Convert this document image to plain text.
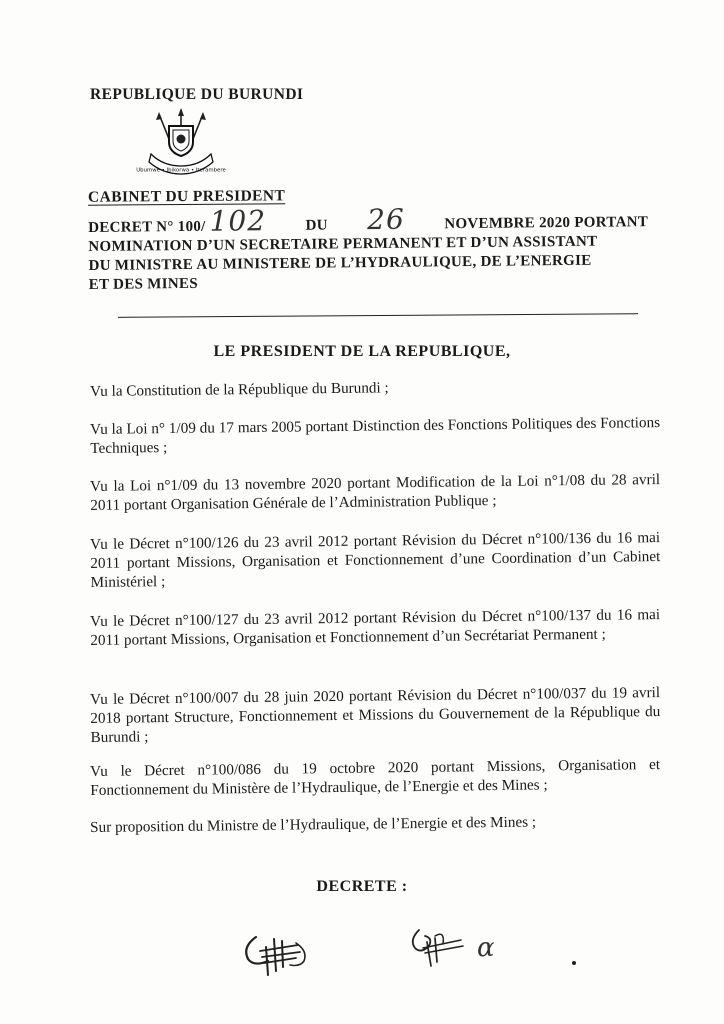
REPUBLIQUE DU BURUNDI
Ubumwe • Ibikorwa • Iterambere
CABINET DU PRESIDENT
DECRET N° 100/ 102	DU 26	NOVEMBRE 2020 PORTANT
NOMINATION D’UN SECRETAIRE PERMANENT ET D’UN ASSISTANT
DU MINISTRE AU MINISTERE DE L’HYDRAULIQUE, DE L’ENERGIE
ET DES MINES
LE PRESIDENT DE LA REPUBLIQUE,
Vu la Constitution de la République du Burundi ;
Vu la Loi n° 1/09 du 17 mars 2005 portant Distinction des Fonctions Politiques des Fonctions Techniques ;
Vu la Loi n°1/09 du 13 novembre 2020 portant Modification de la Loi n°1/08 du 28 avril 2011 portant Organisation Générale de l’Administration Publique ;
Vu le Décret n°100/126 du 23 avril 2012 portant Révision du Décret n°100/136 du 16 mai 2011 portant Missions, Organisation et Fonctionnement d’une Coordination d’un Cabinet Ministériel ;
Vu le Décret n°100/127 du 23 avril 2012 portant Révision du Décret n°100/137 du 16 mai 2011 portant Missions, Organisation et Fonctionnement d’un Secrétariat Permanent ;
Vu le Décret n°100/007 du 28 juin 2020 portant Révision du Décret n°100/037 du 19 avril 2018 portant Structure, Fonctionnement et Missions du Gouvernement de la République du Burundi ;
Vu le Décret n°100/086 du 19 octobre 2020 portant Missions, Organisation et Fonctionnement du Ministère de l’Hydraulique, de l’Energie et des Mines ;
Sur proposition du Ministre de l’Hydraulique, de l’Energie et des Mines ;
DECRETE :
α
